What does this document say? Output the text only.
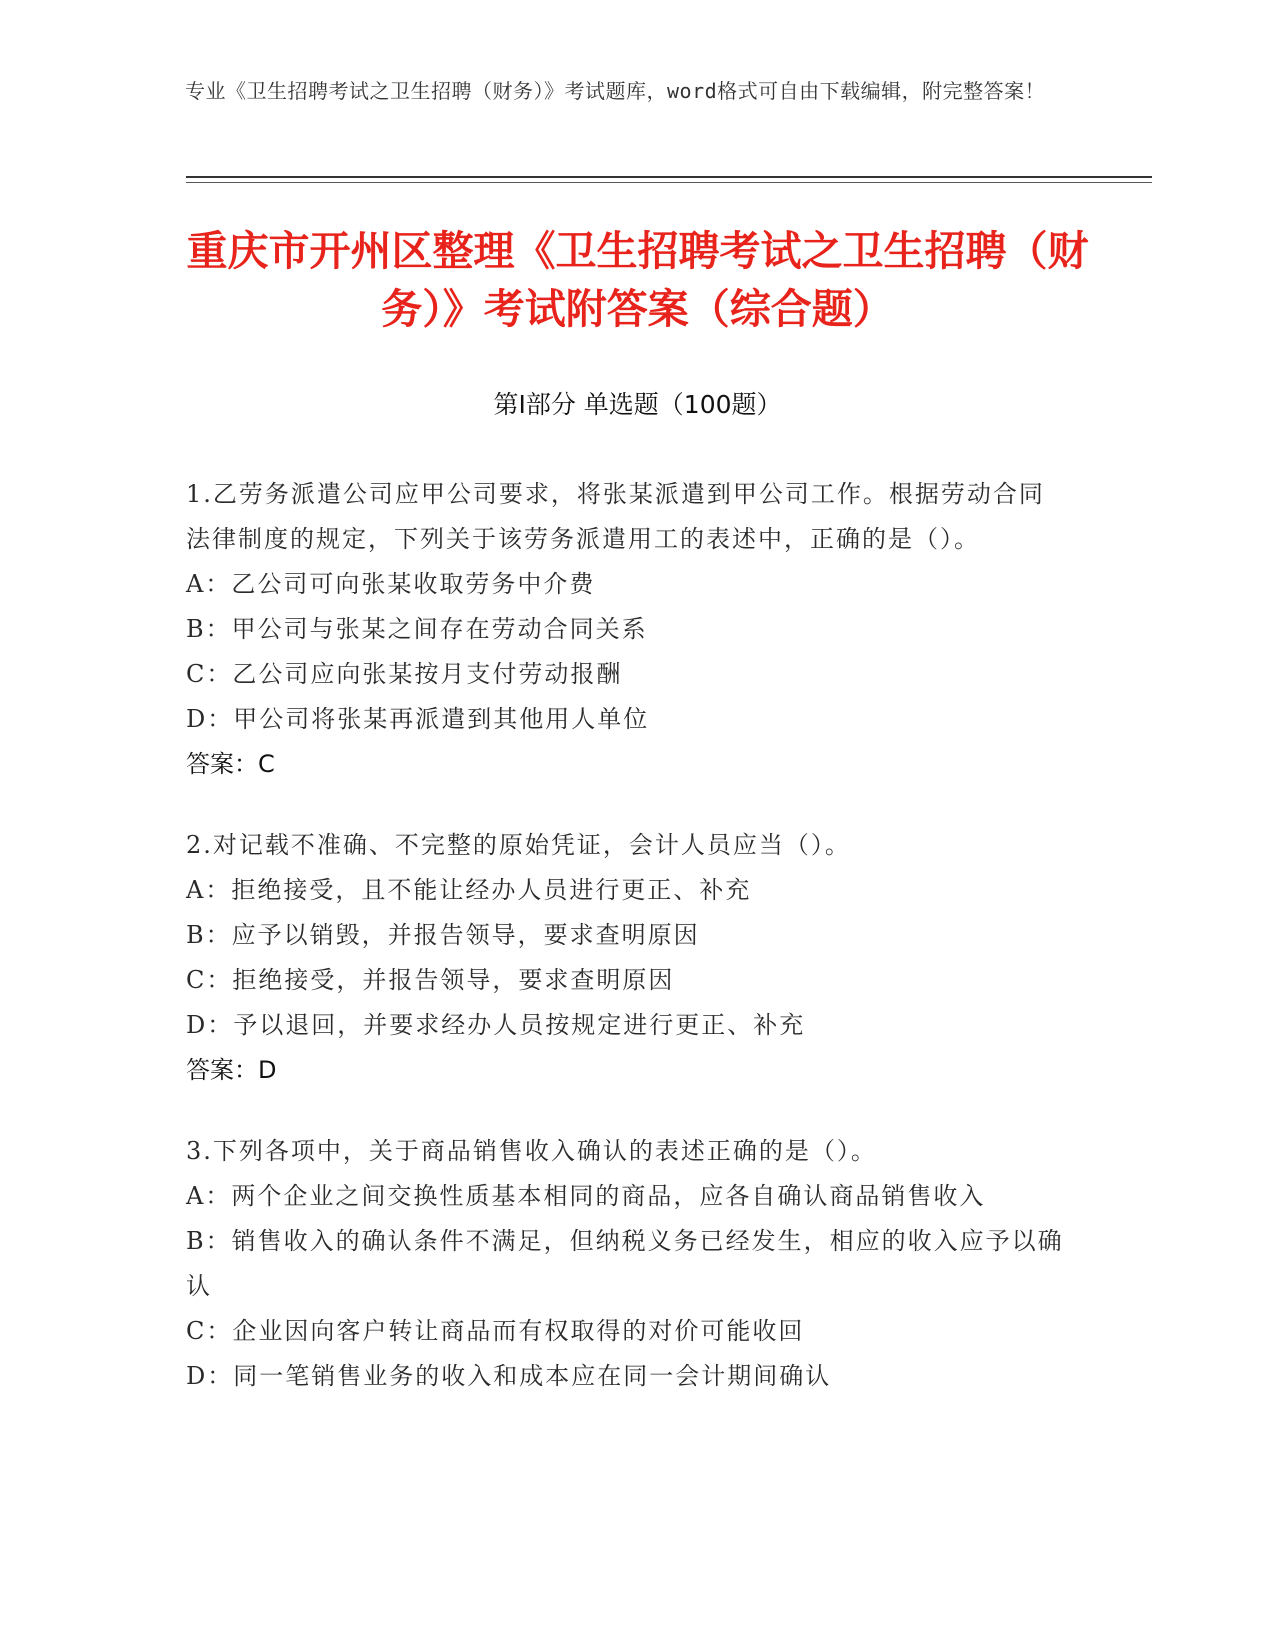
专业《卫生招聘考试之卫生招聘（财务）》考试题库，word格式可自由下载编辑，附完整答案！
重庆市开州区整理《卫生招聘考试之卫生招聘（财务）》考试附答案（综合题）
第Ⅰ部分 单选题（100题）
1.乙劳务派遣公司应甲公司要求，将张某派遣到甲公司工作。根据劳动合同法律制度的规定，下列关于该劳务派遣用工的表述中，正确的是（）。
A：乙公司可向张某收取劳务中介费
B：甲公司与张某之间存在劳动合同关系
C：乙公司应向张某按月支付劳动报酬
D：甲公司将张某再派遣到其他用人单位
答案：C
2.对记载不准确、不完整的原始凭证，会计人员应当（）。
A：拒绝接受，且不能让经办人员进行更正、补充
B：应予以销毁，并报告领导，要求查明原因
C：拒绝接受，并报告领导，要求查明原因
D：予以退回，并要求经办人员按规定进行更正、补充
答案：D
3.下列各项中，关于商品销售收入确认的表述正确的是（）。
A：两个企业之间交换性质基本相同的商品，应各自确认商品销售收入
B：销售收入的确认条件不满足，但纳税义务已经发生，相应的收入应予以确认
C：企业因向客户转让商品而有权取得的对价可能收回
D：同一笔销售业务的收入和成本应在同一会计期间确认
